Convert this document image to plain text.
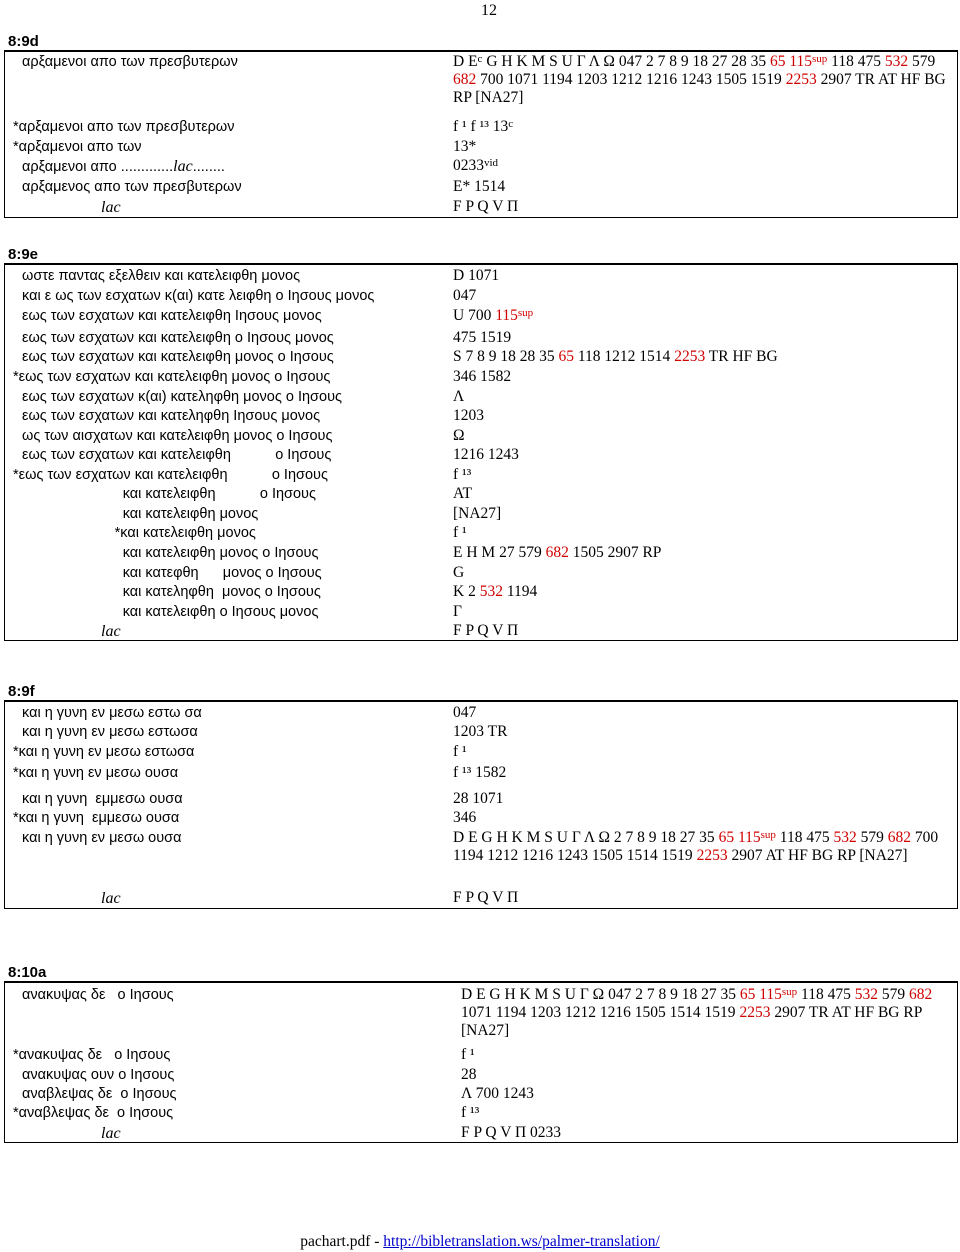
12
8:9d
αρξαμενοι απο των πρεσβυτερων	D $E^c$ G H K M S U Γ Λ Ω 047 2 7 8 9 18 27 28 35 65 $115^{sup}$ 118 475 532 579 682 700 1071 1194 1203 1212 1216 1243 1505 1519 2253 2907 TR AT HF BG RP [NA27]
*αρξαμενοι απο των πρεσβυτερων	f ¹ f ¹³ 13$^c$
*αρξαμενοι απο των	13*
αρξαμενοι απο .............lac........	$0233^{vid}$
αρξαμενος απο των πρεσβυτερων	E* 1514
lac	F P Q V Π
8:9e
ωστε παντας εξελθειν και κατελειφθη μονος	D 1071
και ε ως των εσχατων κ(αι) κατε λειφθη ο Ιησους μονος	047
εως των εσχατων και κατελειφθη Ιησους μονος	U 700 $115^{sup}$
εως των εσχατων και κατελειφθη ο Ιησους μονος	475 1519
εως των εσχατων και κατελειφθη μονος ο Ιησους	S 7 8 9 18 28 35 65 118 1212 1514 2253 TR HF BG
*εως των εσχατων και κατελειφθη μονος ο Ιησους	346 1582
εως των εσχατων κ(αι) κατεληφθη μονος ο Ιησους	Λ
εως των εσχατων και κατεληφθη Ιησους μονος	1203
ως των αισχατων και κατελειφθη μονος ο Ιησους	Ω
εως των εσχατων και κατελειφθη           ο Ιησους	1216 1243
*εως των εσχατων και κατελειφθη           ο Ιησους	f ¹³
και κατελειφθη           ο Ιησους	AT
και κατελειφθη μονος	[NA27]
*και κατελειφθη μονος	f ¹
και κατελειφθη μονος ο Ιησους	E H M 27 579 682 1505 2907 RP
και κατεφθη      μονος ο Ιησους	G
και κατεληφθη  μονος ο Ιησους	K 2 532 1194
και κατελειφθη ο Ιησους μονος	Γ
lac	F P Q V Π
8:9f
και η γυνη εν μεσω εστω σα	047
και η γυνη εν μεσω εστωσα	1203 TR
*και η γυνη εν μεσω εστωσα	f ¹
*και η γυνη εν μεσω ουσα	f ¹³ 1582
και η γυνη  εμμεσω ουσα	28 1071
*και η γυνη  εμμεσω ουσα	346
και η γυνη εν μεσω ουσα	D E G H K M S U Γ Λ Ω 2 7 8 9 18 27 35 65 $115^{sup}$ 118 475 532 579 682 700 1194 1212 1216 1243 1505 1514 1519 2253 2907 AT HF BG RP [NA27]
lac	F P Q V Π
8:10a
ανακυψας δε   ο Ιησους	D E G H K M S U Γ Ω 047 2 7 8 9 18 27 35 65 $115^{sup}$ 118 475 532 579 682 1071 1194 1203 1212 1216 1505 1514 1519 2253 2907 TR AT HF BG RP [NA27]
*ανακυψας δε   ο Ιησους	f ¹
ανακυψας ουν ο Ιησους	28
αναβλεψας δε  ο Ιησους	Λ 700 1243
*αναβλεψας δε  ο Ιησους	f ¹³
lac	F P Q V Π 0233
pachart.pdf - http://bibletranslation.ws/palmer-translation/
